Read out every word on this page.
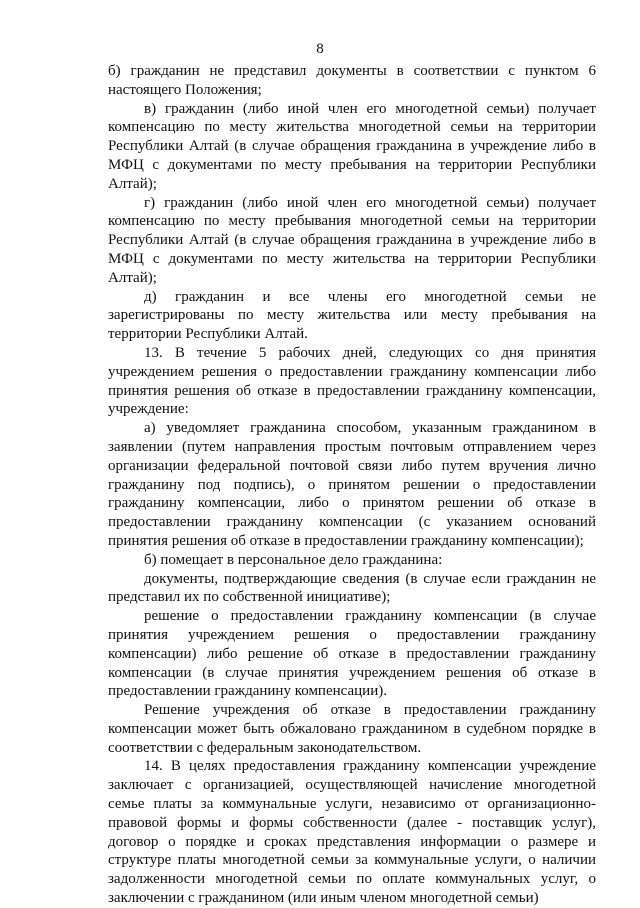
8

б) гражданин не представил документы в соответствии с пунктом 6 настоящего Положения;

в) гражданин (либо иной член его многодетной семьи) получает компенсацию по месту жительства многодетной семьи на территории Республики Алтай (в случае обращения гражданина в учреждение либо в МФЦ с документами по месту пребывания на территории Республики Алтай);

г) гражданин (либо иной член его многодетной семьи) получает компенсацию по месту пребывания многодетной семьи на территории Республики Алтай (в случае обращения гражданина в учреждение либо в МФЦ с документами по месту жительства на территории Республики Алтай);

д) гражданин и все члены его многодетной семьи не зарегистрированы по месту жительства или месту пребывания на территории Республики Алтай.

13. В течение 5 рабочих дней, следующих со дня принятия учреждением решения о предоставлении гражданину компенсации либо принятия решения об отказе в предоставлении гражданину компенсации, учреждение:

а) уведомляет гражданина способом, указанным гражданином в заявлении (путем направления простым почтовым отправлением через организации федеральной почтовой связи либо путем вручения лично гражданину под подпись), о принятом решении о предоставлении гражданину компенсации, либо о принятом решении об отказе в предоставлении гражданину компенсации (с указанием оснований принятия решения об отказе в предоставлении гражданину компенсации);

б) помещает в персональное дело гражданина:

документы, подтверждающие сведения (в случае если гражданин не представил их по собственной инициативе);

решение о предоставлении гражданину компенсации (в случае принятия учреждением решения о предоставлении гражданину компенсации) либо решение об отказе в предоставлении гражданину компенсации (в случае принятия учреждением решения об отказе в предоставлении гражданину компенсации).

Решение учреждения об отказе в предоставлении гражданину компенсации может быть обжаловано гражданином в судебном порядке в соответствии с федеральным законодательством.

14. В целях предоставления гражданину компенсации учреждение заключает с организацией, осуществляющей начисление многодетной семье платы за коммунальные услуги, независимо от организационно-правовой формы и формы собственности (далее - поставщик услуг), договор о порядке и сроках представления информации о размере и структуре платы многодетной семьи за коммунальные услуги, о наличии задолженности многодетной семьи по оплате коммунальных услуг, о заключении с гражданином (или иным членом многодетной семьи)
